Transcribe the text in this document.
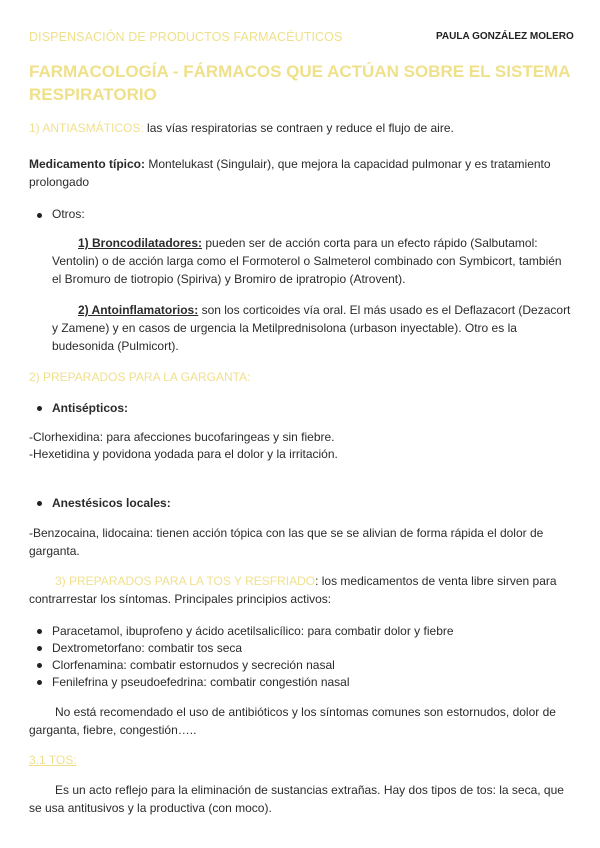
DISPENSACIÓN DE PRODUCTOS FARMACÉUTICOS	PAULA GONZÁLEZ MOLERO
FARMACOLOGÍA - FÁRMACOS QUE ACTÚAN SOBRE EL SISTEMA RESPIRATORIO
1) ANTIASMÁTICOS: las vías respiratorias se contraen y reduce el flujo de aire.
Medicamento típico: Montelukast (Singulair), que mejora la capacidad pulmonar y es tratamiento prolongado
Otros:
1) Broncodilatadores: pueden ser de acción corta para un efecto rápido (Salbutamol: Ventolin) o de acción larga como el Formoterol o Salmeterol combinado con Symbicort, también el Bromuro de tiotropio (Spiriva) y Bromiro de ipratropio (Atrovent).
2) Antoinflamatorios: son los corticoides vía oral. El más usado es el Deflazacort (Dezacort y Zamene) y en casos de urgencia la Metilprednisolona (urbason inyectable). Otro es la budesonida (Pulmicort).
2) PREPARADOS PARA LA GARGANTA:
Antisépticos:
-Clorhexidina: para afecciones bucofaringeas y sin fiebre.
-Hexetidina y povidona yodada para el dolor y la irritación.
Anestésicos locales:
-Benzocaina, lidocaina: tienen acción tópica con las que se se alivian de forma rápida el dolor de garganta.
3) PREPARADOS PARA LA TOS Y RESFRIADO: los medicamentos de venta libre sirven para contrarrestar los síntomas. Principales principios activos:
Paracetamol, ibuprofeno y ácido acetilsalicílico: para combatir dolor y fiebre
Dextrometorfano: combatir tos seca
Clorfenamina: combatir estornudos y secreción nasal
Fenilefrina y pseudoefedrina: combatir congestión nasal
No está recomendado el uso de antibióticos y los síntomas comunes son estornudos, dolor de garganta, fiebre, congestión…..
3.1 TOS:
Es un acto reflejo para la eliminación de sustancias extrañas. Hay dos tipos de tos: la seca, que se usa antitusivos y la productiva (con moco).
